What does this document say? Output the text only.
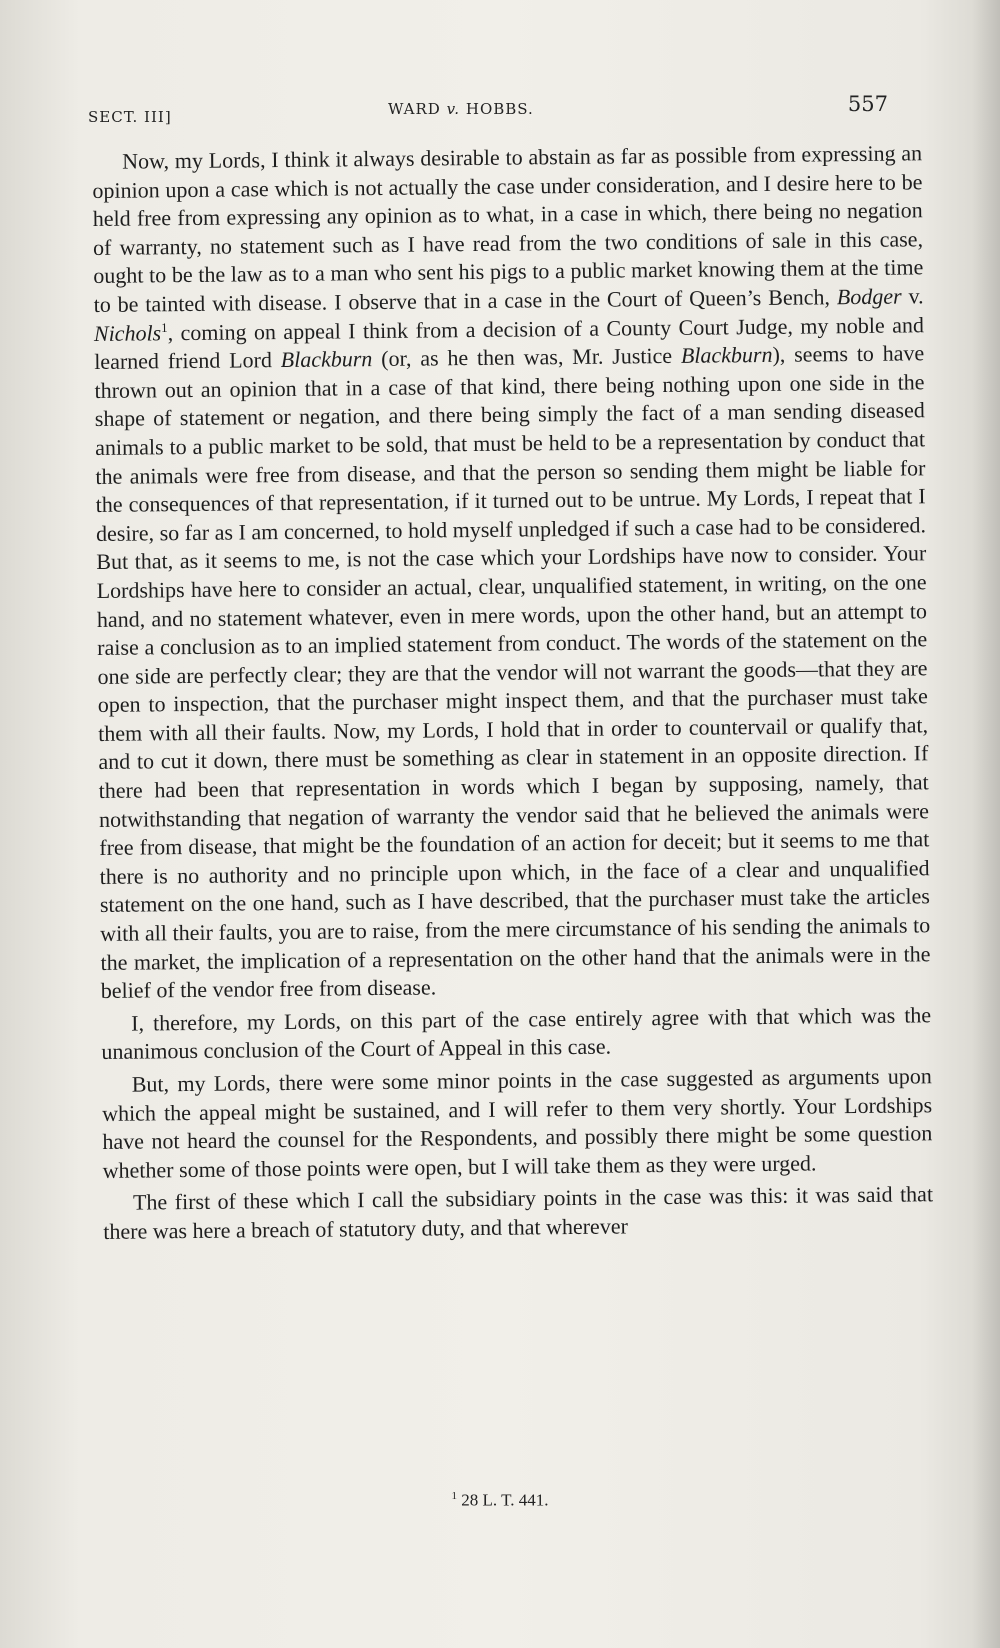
SECT. III]	WARD v. HOBBS.	557

Now, my Lords, I think it always desirable to abstain as far as possible from expressing an opinion upon a case which is not actually the case under consideration, and I desire here to be held free from expressing any opinion as to what, in a case in which, there being no negation of warranty, no statement such as I have read from the two conditions of sale in this case, ought to be the law as to a man who sent his pigs to a public market knowing them at the time to be tainted with disease. I observe that in a case in the Court of Queen’s Bench, Bodger v. Nichols$^1$, coming on appeal I think from a decision of a County Court Judge, my noble and learned friend Lord Blackburn (or, as he then was, Mr. Justice Blackburn), seems to have thrown out an opinion that in a case of that kind, there being nothing upon one side in the shape of statement or negation, and there being simply the fact of a man sending diseased animals to a public market to be sold, that must be held to be a representation by conduct that the animals were free from disease, and that the person so sending them might be liable for the consequences of that representation, if it turned out to be untrue. My Lords, I repeat that I desire, so far as I am concerned, to hold myself unpledged if such a case had to be considered. But that, as it seems to me, is not the case which your Lordships have now to consider. Your Lordships have here to consider an actual, clear, unqualified statement, in writing, on the one hand, and no statement whatever, even in mere words, upon the other hand, but an attempt to raise a conclusion as to an implied statement from conduct. The words of the statement on the one side are perfectly clear; they are that the vendor will not warrant the goods—that they are open to inspection, that the purchaser might inspect them, and that the purchaser must take them with all their faults. Now, my Lords, I hold that in order to countervail or qualify that, and to cut it down, there must be something as clear in statement in an opposite direction. If there had been that representation in words which I began by supposing, namely, that notwithstanding that negation of warranty the vendor said that he believed the animals were free from disease, that might be the foundation of an action for deceit; but it seems to me that there is no authority and no principle upon which, in the face of a clear and unqualified statement on the one hand, such as I have described, that the purchaser must take the articles with all their faults, you are to raise, from the mere circumstance of his sending the animals to the market, the implication of a representation on the other hand that the animals were in the belief of the vendor free from disease.

I, therefore, my Lords, on this part of the case entirely agree with that which was the unanimous conclusion of the Court of Appeal in this case.

But, my Lords, there were some minor points in the case suggested as arguments upon which the appeal might be sustained, and I will refer to them very shortly. Your Lordships have not heard the counsel for the Respondents, and possibly there might be some question whether some of those points were open, but I will take them as they were urged.

The first of these which I call the subsidiary points in the case was this: it was said that there was here a breach of statutory duty, and that wherever

$^1$ 28 L. T. 441.
